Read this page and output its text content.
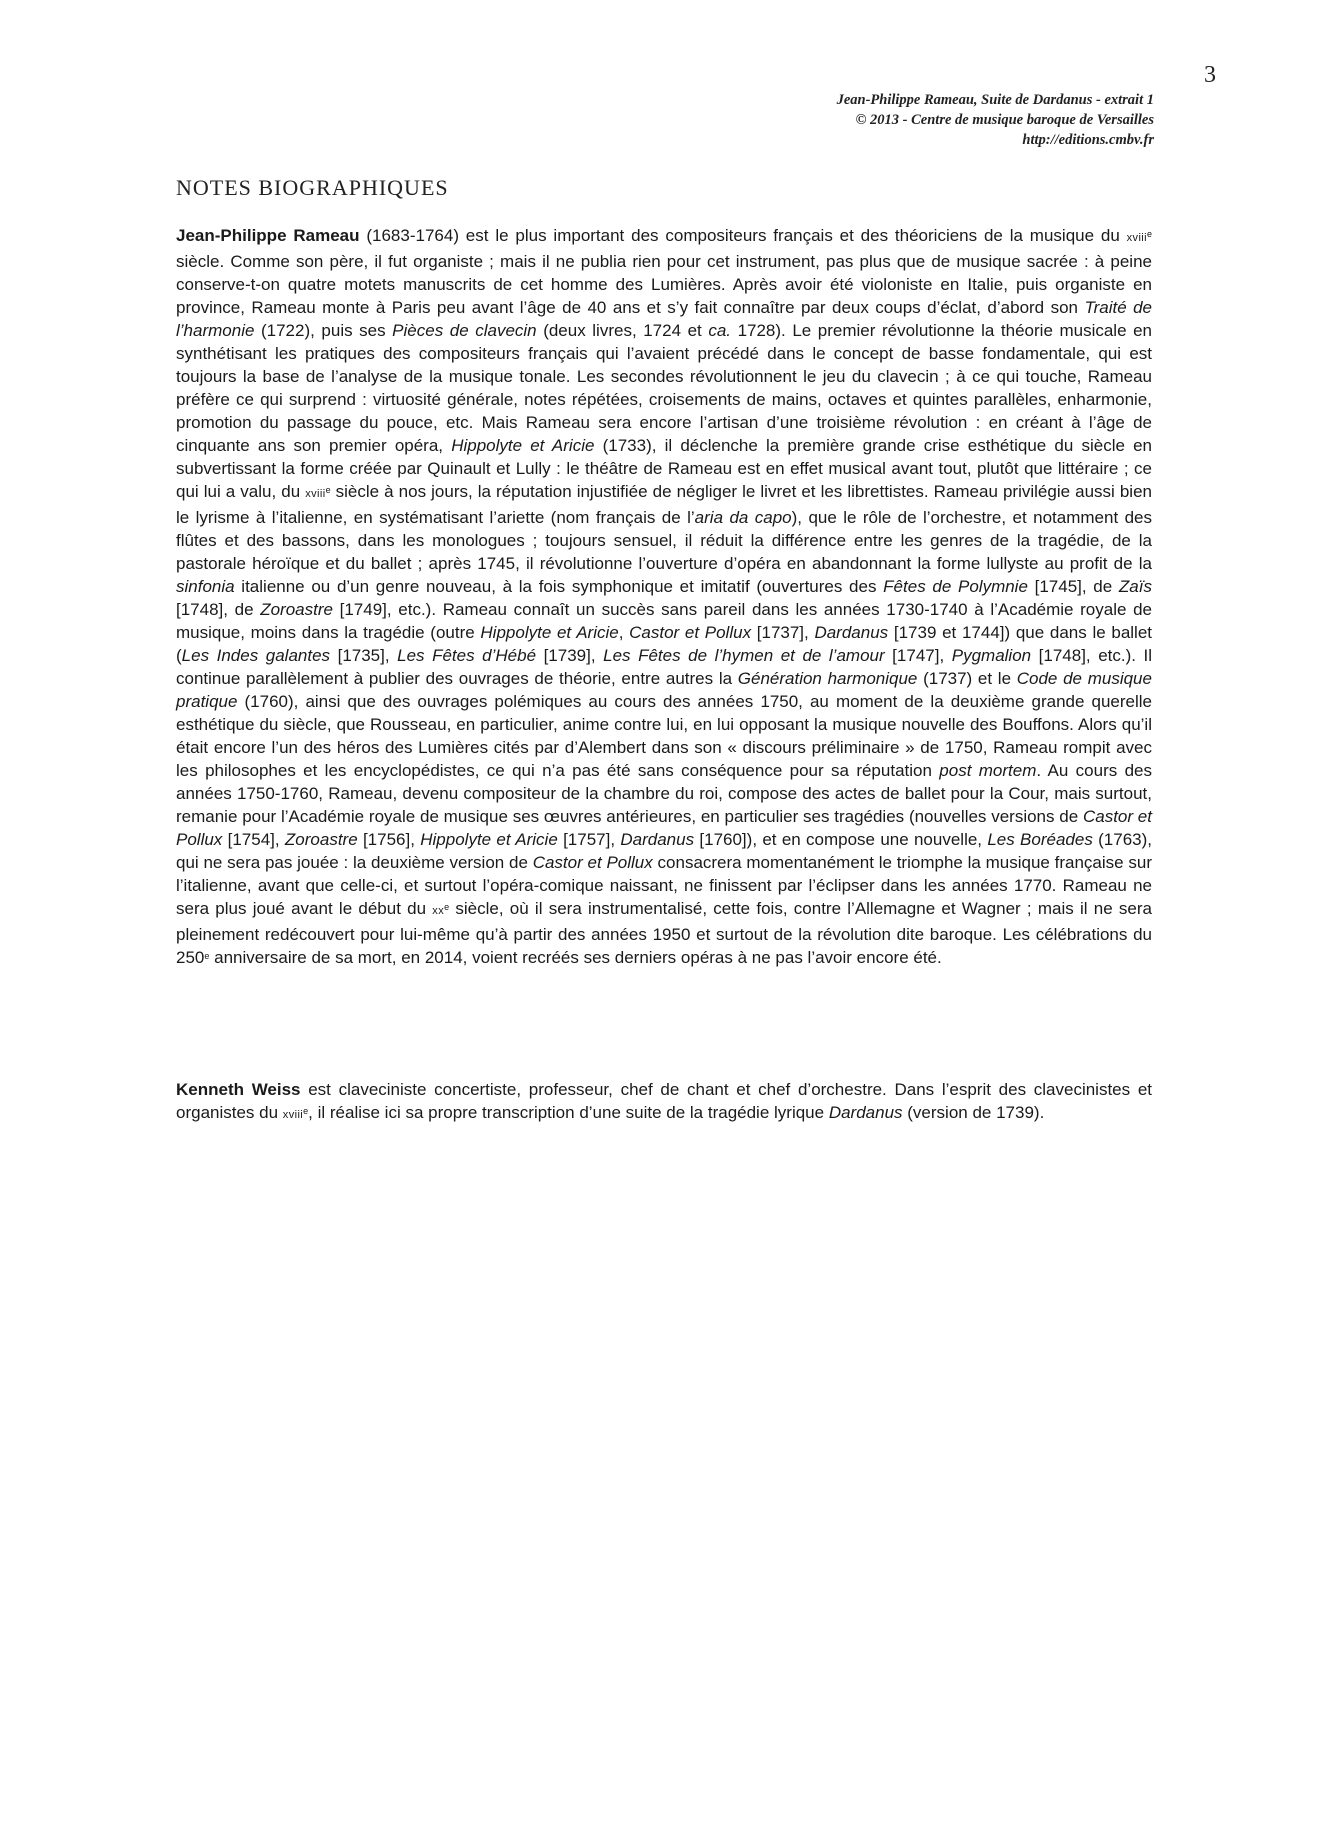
3
Jean-Philippe Rameau, Suite de Dardanus - extrait 1
© 2013 - Centre de musique baroque de Versailles
http://editions.cmbv.fr
NOTES BIOGRAPHIQUES

Jean-Philippe Rameau (1683-1764) est le plus important des compositeurs français et des théoriciens de la musique du xviii$^e$ siècle. Comme son père, il fut organiste ; mais il ne publia rien pour cet instrument, pas plus que de musique sacrée : à peine conserve-t-on quatre motets manuscrits de cet homme des Lumières. Après avoir été violoniste en Italie, puis organiste en province, Rameau monte à Paris peu avant l’âge de 40 ans et s’y fait connaître par deux coups d’éclat, d’abord son Traité de l’harmonie (1722), puis ses Pièces de clavecin (deux livres, 1724 et ca. 1728). Le premier révolutionne la théorie musicale en synthétisant les pratiques des compositeurs français qui l’avaient précédé dans le concept de basse fondamentale, qui est toujours la base de l’analyse de la musique tonale. Les secondes révolutionnent le jeu du clavecin ; à ce qui touche, Rameau préfère ce qui surprend : virtuosité générale, notes répétées, croisements de mains, octaves et quintes parallèles, enharmonie, promotion du passage du pouce, etc. Mais Rameau sera encore l’artisan d’une troisième révolution : en créant à l’âge de cinquante ans son premier opéra, Hippolyte et Aricie (1733), il déclenche la première grande crise esthétique du siècle en subvertissant la forme créée par Quinault et Lully : le théâtre de Rameau est en effet musical avant tout, plutôt que littéraire ; ce qui lui a valu, du xviii$^e$ siècle à nos jours, la réputation injustifiée de négliger le livret et les librettistes. Rameau privilégie aussi bien le lyrisme à l’italienne, en systématisant l’ariette (nom français de l’aria da capo), que le rôle de l’orchestre, et notamment des flûtes et des bassons, dans les monologues ; toujours sensuel, il réduit la différence entre les genres de la tragédie, de la pastorale héroïque et du ballet ; après 1745, il révolutionne l’ouverture d’opéra en abandonnant la forme lullyste au profit de la sinfonia italienne ou d’un genre nouveau, à la fois symphonique et imitatif (ouvertures des Fêtes de Polymnie [1745], de Zaïs [1748], de Zoroastre [1749], etc.). Rameau connaît un succès sans pareil dans les années 1730-1740 à l’Académie royale de musique, moins dans la tragédie (outre Hippolyte et Aricie, Castor et Pollux [1737], Dardanus [1739 et 1744]) que dans le ballet (Les Indes galantes [1735], Les Fêtes d’Hébé [1739], Les Fêtes de l’hymen et de l’amour [1747], Pygmalion [1748], etc.). Il continue parallèlement à publier des ouvrages de théorie, entre autres la Génération harmonique (1737) et le Code de musique pratique (1760), ainsi que des ouvrages polémiques au cours des années 1750, au moment de la deuxième grande querelle esthétique du siècle, que Rousseau, en particulier, anime contre lui, en lui opposant la musique nouvelle des Bouffons. Alors qu’il était encore l’un des héros des Lumières cités par d’Alembert dans son « discours préliminaire » de 1750, Rameau rompit avec les philosophes et les encyclopédistes, ce qui n’a pas été sans conséquence pour sa réputation post mortem. Au cours des années 1750-1760, Rameau, devenu compositeur de la chambre du roi, compose des actes de ballet pour la Cour, mais surtout, remanie pour l’Académie royale de musique ses œuvres antérieures, en particulier ses tragédies (nouvelles versions de Castor et Pollux [1754], Zoroastre [1756], Hippolyte et Aricie [1757], Dardanus [1760]), et en compose une nouvelle, Les Boréades (1763), qui ne sera pas jouée : la deuxième version de Castor et Pollux consacrera momentanément le triomphe la musique française sur l’italienne, avant que celle-ci, et surtout l’opéra-comique naissant, ne finissent par l’éclipser dans les années 1770. Rameau ne sera plus joué avant le début du $xx^e$ siècle, où il sera instrumentalisé, cette fois, contre l’Allemagne et Wagner ; mais il ne sera pleinement redécouvert pour lui-même qu’à partir des années 1950 et surtout de la révolution dite baroque. Les célébrations du 250e anniversaire de sa mort, en 2014, voient recréés ses derniers opéras à ne pas l’avoir encore été.

Kenneth Weiss est claveciniste concertiste, professeur, chef de chant et chef d’orchestre. Dans l’esprit des clavecinistes et organistes du xviii$^e$, il réalise ici sa propre transcription d’une suite de la tragédie lyrique Dardanus (version de 1739).
